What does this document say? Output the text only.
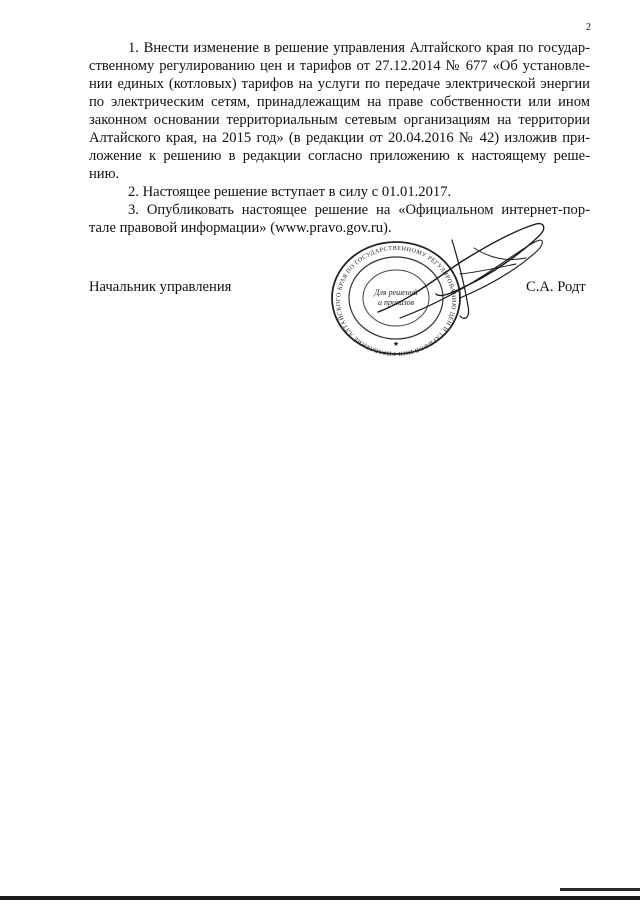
2
1. Внести изменение в решение управления Алтайского края по государ-
ственному регулированию цен и тарифов от 27.12.2014 № 677 «Об установле-
нии единых (котловых) тарифов на услуги по передаче электрической энергии
по электрическим сетям, принадлежащим на праве собственности или ином
законном основании территориальным сетевым организациям на территории
Алтайского края, на 2015 год» (в редакции от 20.04.2016 № 42) изложив при-
ложение к решению в редакции согласно приложению к настоящему реше-
нию.
2. Настоящее решение вступает в силу с 01.01.2017.
3. Опубликовать настоящее решение на «Официальном интернет-пор-
тале правовой информации» (www.pravo.gov.ru).
Начальник управления	С.А. Родт
УПРАВЛЕНИЕ АЛТАЙСКОГО КРАЯ ПО ГОСУДАРСТВЕННОМУ РЕГУЛИРОВАНИЮ ЦЕН И ТАРИФОВ ИНН
Для решений
и приказов
★
